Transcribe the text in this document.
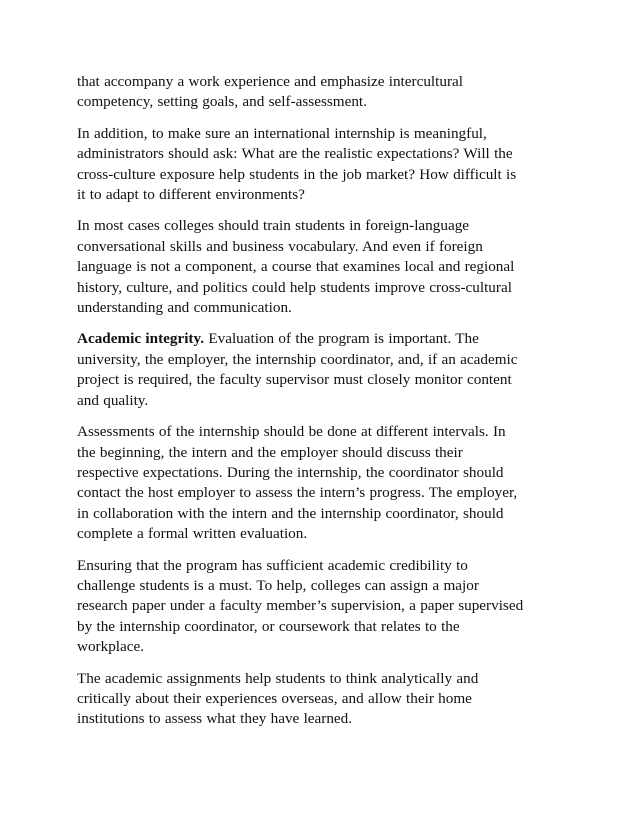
that accompany a work experience and emphasize intercultural
competency, setting goals, and self-assessment.

In addition, to make sure an international internship is meaningful,
administrators should ask: What are the realistic expectations? Will the
cross-culture exposure help students in the job market? How difficult is
it to adapt to different environments?

In most cases colleges should train students in foreign-language
conversational skills and business vocabulary. And even if foreign
language is not a component, a course that examines local and regional
history, culture, and politics could help students improve cross-cultural
understanding and communication.

Academic integrity. Evaluation of the program is important. The
university, the employer, the internship coordinator, and, if an academic
project is required, the faculty supervisor must closely monitor content
and quality.

Assessments of the internship should be done at different intervals. In
the beginning, the intern and the employer should discuss their
respective expectations. During the internship, the coordinator should
contact the host employer to assess the intern’s progress. The employer,
in collaboration with the intern and the internship coordinator, should
complete a formal written evaluation.

Ensuring that the program has sufficient academic credibility to
challenge students is a must. To help, colleges can assign a major
research paper under a faculty member’s supervision, a paper supervised
by the internship coordinator, or coursework that relates to the
workplace.

The academic assignments help students to think analytically and
critically about their experiences overseas, and allow their home
institutions to assess what they have learned.
